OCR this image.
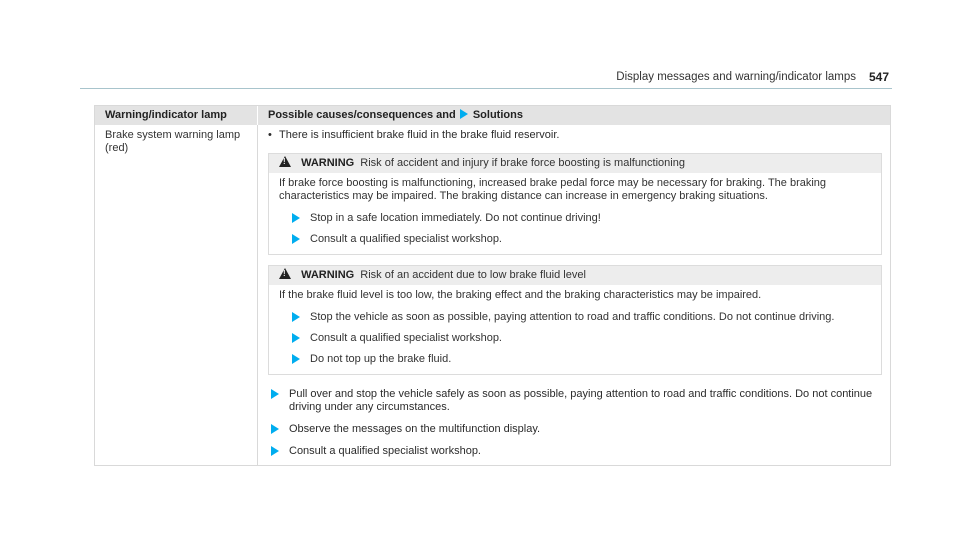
Display messages and warning/indicator lamps 547
Warning/indicator lamp	Possible causes/consequences and Solutions
Brake system warning lamp (red)
• There is insufficient brake fluid in the brake fluid reservoir.
! WARNING Risk of accident and injury if brake force boosting is malfunctioning
If brake force boosting is malfunctioning, increased brake pedal force may be necessary for braking. The braking characteristics may be impaired. The braking distance can increase in emergency braking situations.
Stop in a safe location immediately. Do not continue driving!
Consult a qualified specialist workshop.
! WARNING Risk of an accident due to low brake fluid level
If the brake fluid level is too low, the braking effect and the braking characteristics may be impaired.
Stop the vehicle as soon as possible, paying attention to road and traffic conditions. Do not continue driving.
Consult a qualified specialist workshop.
Do not top up the brake fluid.
Pull over and stop the vehicle safely as soon as possible, paying attention to road and traffic conditions. Do not continue driving under any circumstances.
Observe the messages on the multifunction display.
Consult a qualified specialist workshop.
